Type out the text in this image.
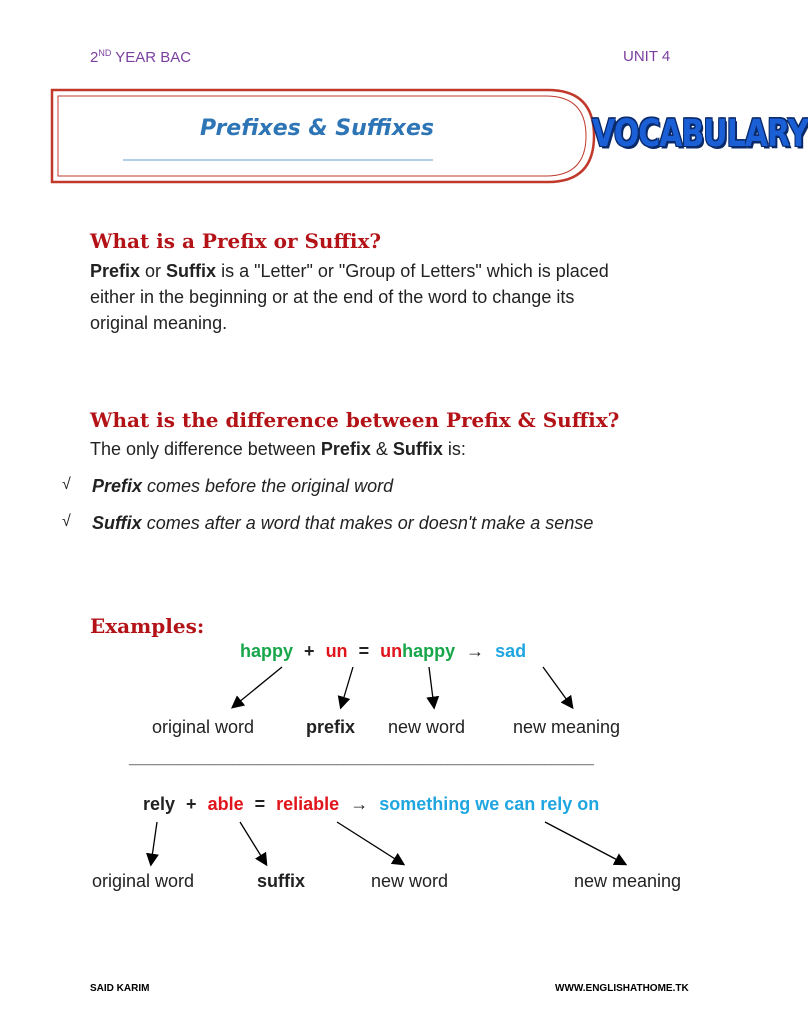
2ND YEAR BAC	UNIT 4
Prefixes & Suffixes	VOCABULARY
What is a Prefix or Suffix?
Prefix or Suffix is a "Letter" or "Group of Letters" which is placed
either in the beginning or at the end of the word to change its
original meaning.
What is the difference between Prefix & Suffix?
The only difference between Prefix & Suffix is:
√ Prefix comes before the original word
√ Suffix comes after a word that makes or doesn't make a sense
Examples:
happy + un = unhappy → sad
original word	prefix new word	new meaning
____________________________________________________________________________
rely + able = reliable → something we can rely on
original word	suffix	new word	new meaning
SAID KARIM	WWW.ENGLISHATHOME.TK
